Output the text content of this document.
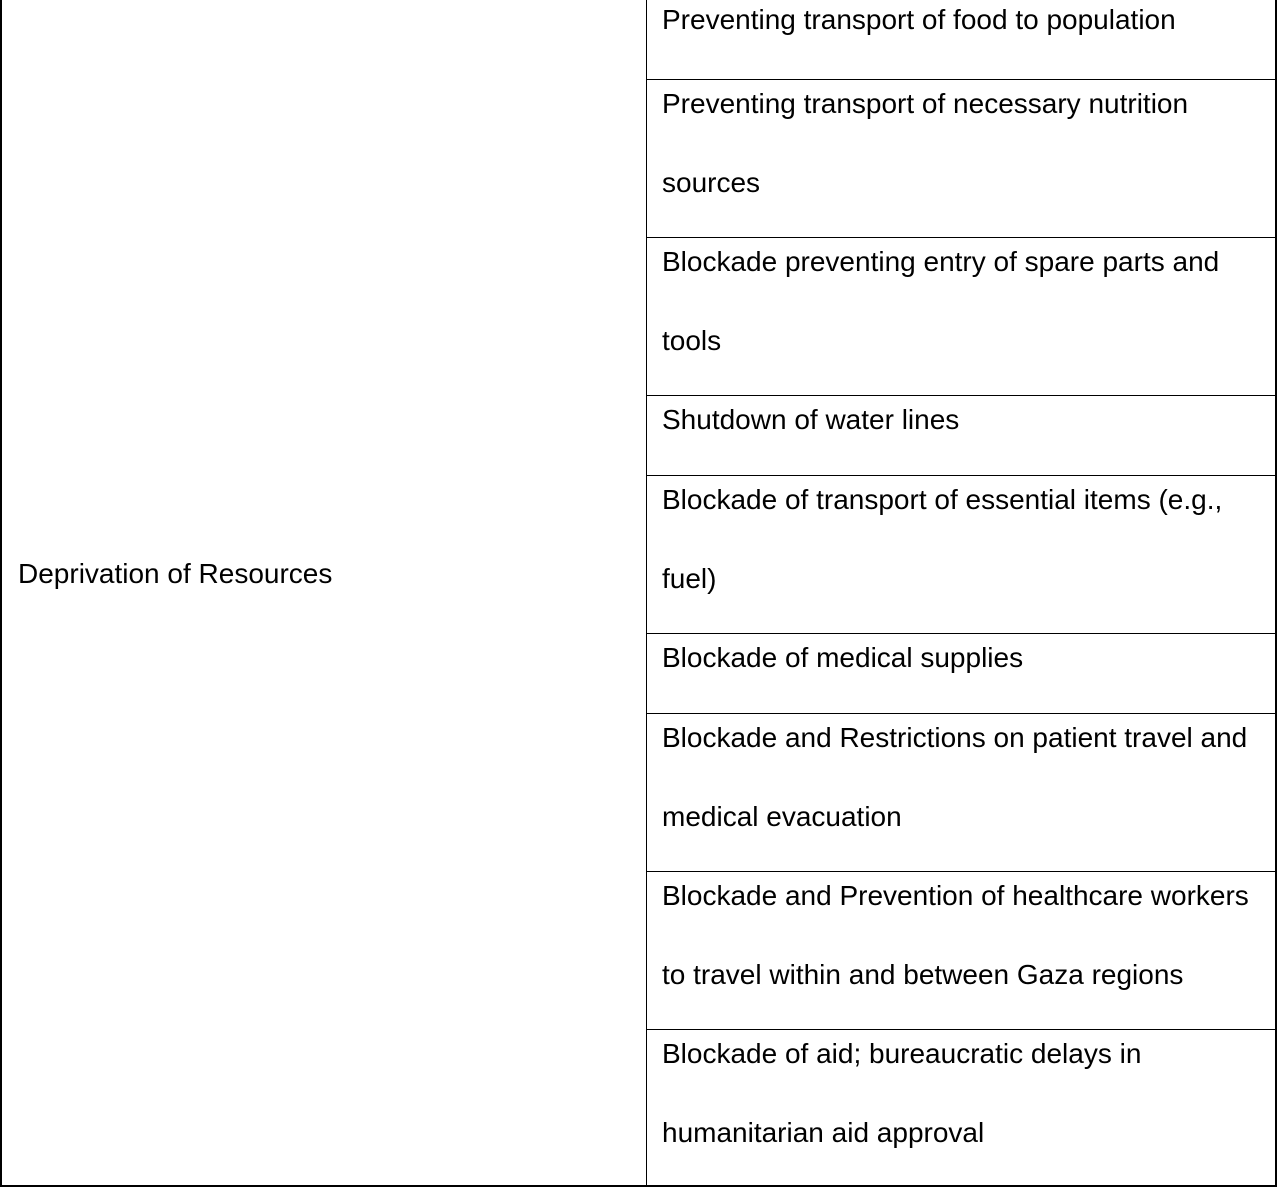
Deprivation of Resources
Preventing transport of food to population
Preventing transport of necessary nutrition
sources
Blockade preventing entry of spare parts and
tools
Shutdown of water lines
Blockade of transport of essential items (e.g.,
fuel)
Blockade of medical supplies
Blockade and Restrictions on patient travel and
medical evacuation
Blockade and Prevention of healthcare workers
to travel within and between Gaza regions
Blockade of aid; bureaucratic delays in
humanitarian aid approval
